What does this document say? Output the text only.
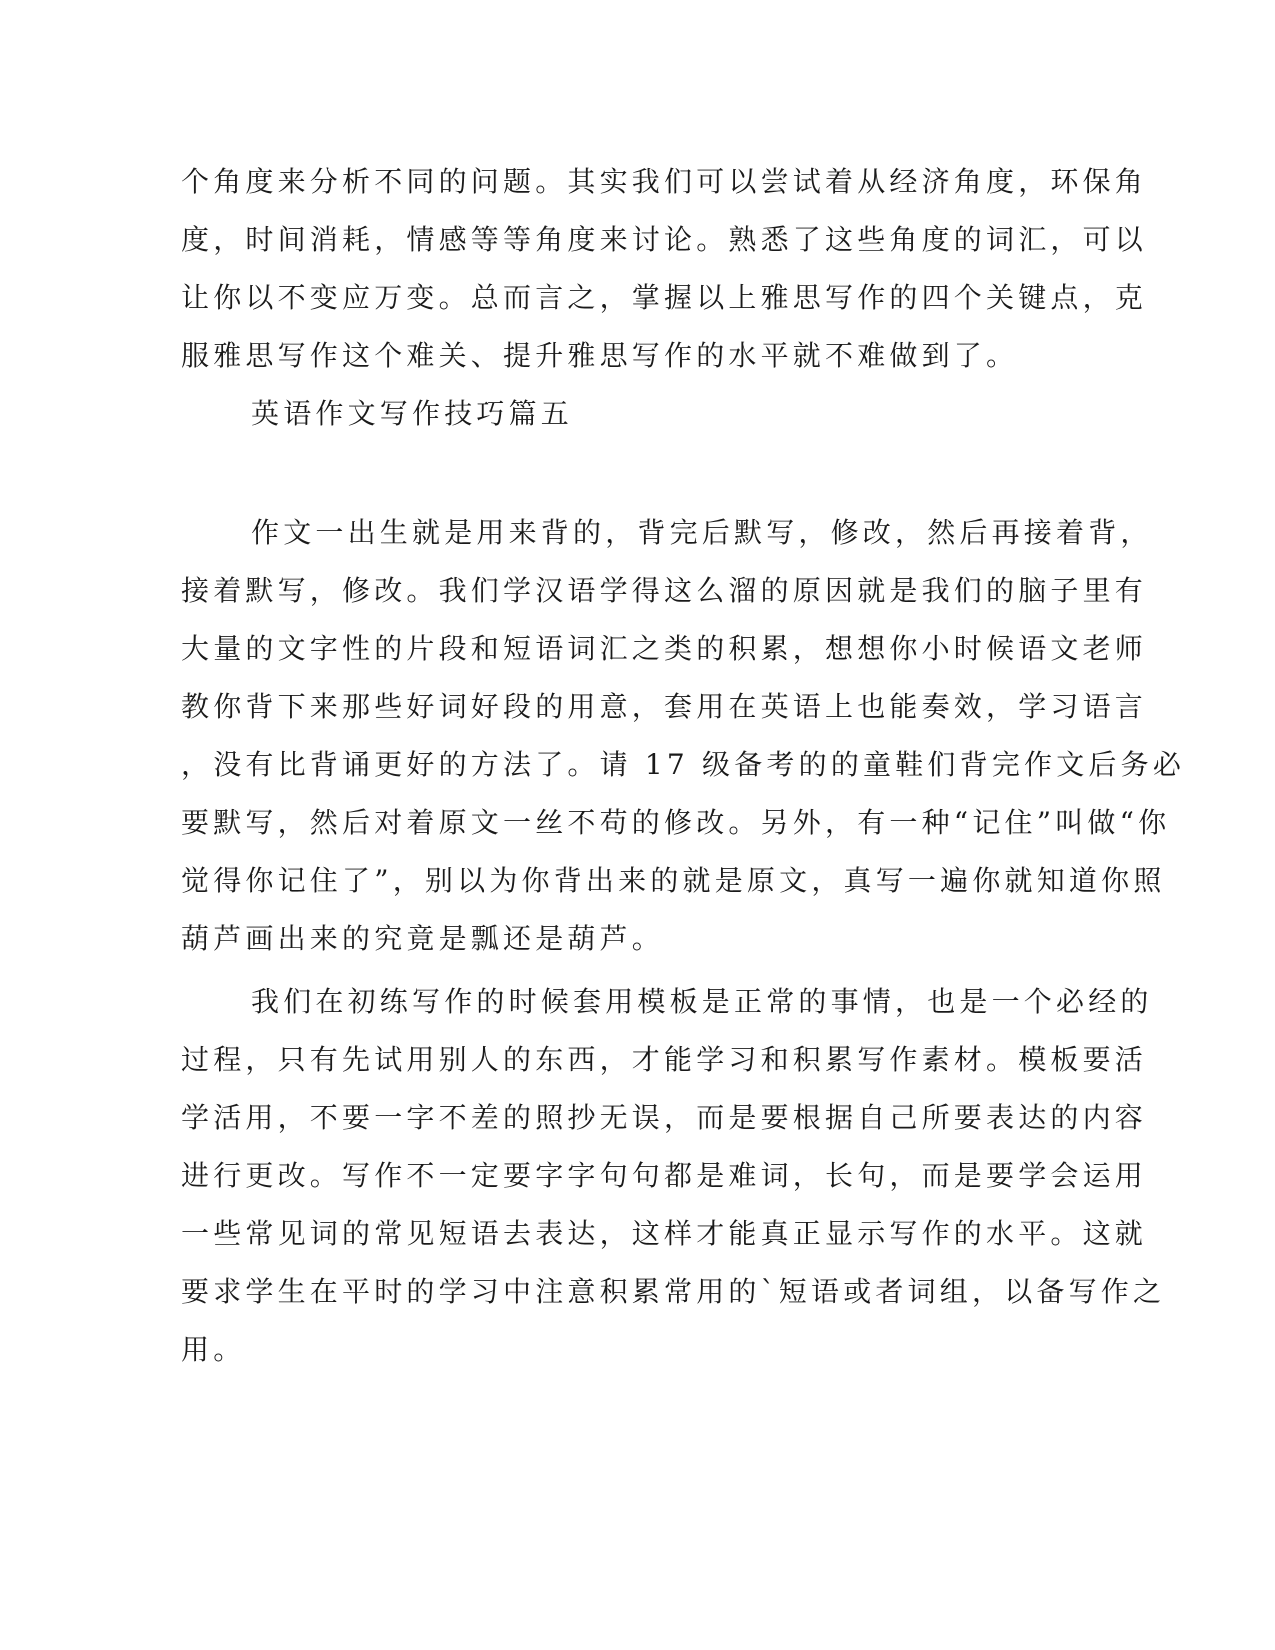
个角度来分析不同的问题。其实我们可以尝试着从经济角度，环保角
度，时间消耗，情感等等角度来讨论。熟悉了这些角度的词汇，可以
让你以不变应万变。总而言之，掌握以上雅思写作的四个关键点，克
服雅思写作这个难关、提升雅思写作的水平就不难做到了。
英语作文写作技巧篇五
作文一出生就是用来背的，背完后默写，修改，然后再接着背，
接着默写，修改。我们学汉语学得这么溜的原因就是我们的脑子里有
大量的文字性的片段和短语词汇之类的积累，想想你小时候语文老师
教你背下来那些好词好段的用意，套用在英语上也能奏效，学习语言
，没有比背诵更好的方法了。请 17 级备考的的童鞋们背完作文后务必
要默写，然后对着原文一丝不苟的修改。另外，有一种“记住”叫做“你
觉得你记住了”，别以为你背出来的就是原文，真写一遍你就知道你照
葫芦画出来的究竟是瓢还是葫芦。
我们在初练写作的时候套用模板是正常的事情，也是一个必经的
过程，只有先试用别人的东西，才能学习和积累写作素材。模板要活
学活用，不要一字不差的照抄无误，而是要根据自己所要表达的内容
进行更改。写作不一定要字字句句都是难词，长句，而是要学会运用
一些常见词的常见短语去表达，这样才能真正显示写作的水平。这就
要求学生在平时的学习中注意积累常用的`短语或者词组，以备写作之
用。
